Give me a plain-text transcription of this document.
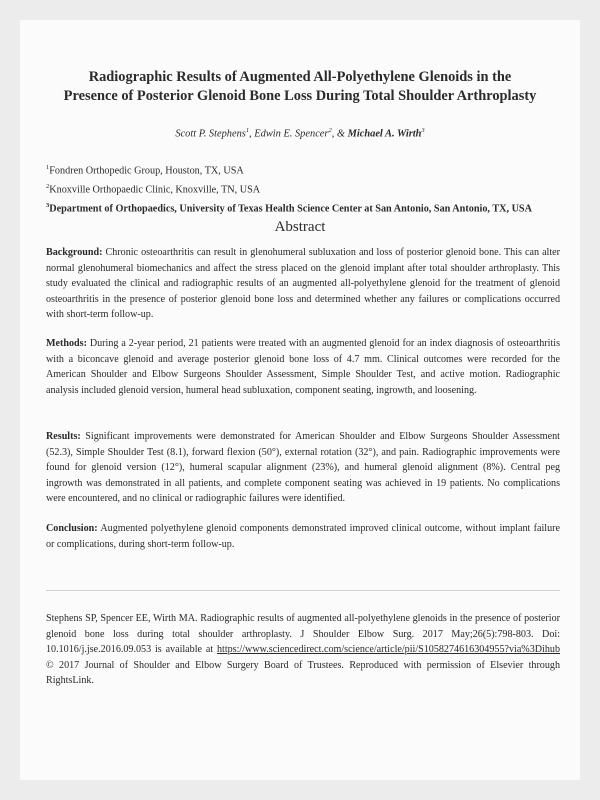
Radiographic Results of Augmented All-Polyethylene Glenoids in the Presence of Posterior Glenoid Bone Loss During Total Shoulder Arthroplasty
Scott P. Stephens$^1$, Edwin E. Spencer$^2$, & Michael A. Wirth$^3$
$^1$Fondren Orthopedic Group, Houston, TX, USA
$^2$Knoxville Orthopaedic Clinic, Knoxville, TN, USA
$^3$Department of Orthopaedics, University of Texas Health Science Center at San Antonio, San Antonio, TX, USA
Abstract
Background: Chronic osteoarthritis can result in glenohumeral subluxation and loss of posterior glenoid bone. This can alter normal glenohumeral biomechanics and affect the stress placed on the glenoid implant after total shoulder arthroplasty. This study evaluated the clinical and radiographic results of an augmented all-polyethylene glenoid for the treatment of glenoid osteoarthritis in the presence of posterior glenoid bone loss and determined whether any failures or complications occurred with short-term follow-up.
Methods: During a 2-year period, 21 patients were treated with an augmented glenoid for an index diagnosis of osteoarthritis with a biconcave glenoid and average posterior glenoid bone loss of 4.7 mm. Clinical outcomes were recorded for the American Shoulder and Elbow Surgeons Shoulder Assessment, Simple Shoulder Test, and active motion. Radiographic analysis included glenoid version, humeral head subluxation, component seating, ingrowth, and loosening.
Results: Significant improvements were demonstrated for American Shoulder and Elbow Surgeons Shoulder Assessment (52.3), Simple Shoulder Test (8.1), forward flexion (50°), external rotation (32°), and pain. Radiographic improvements were found for glenoid version (12°), humeral scapular alignment (23%), and humeral glenoid alignment (8%). Central peg ingrowth was demonstrated in all patients, and complete component seating was achieved in 19 patients. No complications were encountered, and no clinical or radiographic failures were identified.
Conclusion: Augmented polyethylene glenoid components demonstrated improved clinical outcome, without implant failure or complications, during short-term follow-up.
Stephens SP, Spencer EE, Wirth MA. Radiographic results of augmented all-polyethylene glenoids in the presence of posterior glenoid bone loss during total shoulder arthroplasty. J Shoulder Elbow Surg. 2017 May;26(5):798-803. Doi: 10.1016/j.jse.2016.09.053 is available at https://www.sciencedirect.com/science/article/pii/S1058274616304955?via%3Dihub © 2017 Journal of Shoulder and Elbow Surgery Board of Trustees. Reproduced with permission of Elsevier through RightsLink.
